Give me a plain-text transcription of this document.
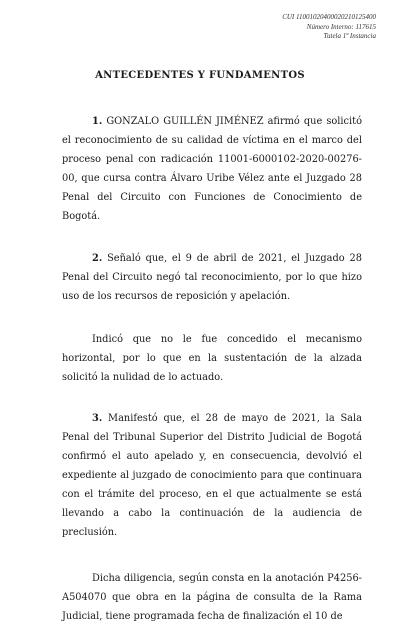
CUI 11001020400020210125400
Número Interno: 117615
Tutela 1ª Instancia
ANTECEDENTES Y FUNDAMENTOS

1. GONZALO GUILLÉN JIMÉNEZ afirmó que solicitó el reconocimiento de su calidad de víctima en el marco del proceso penal con radicación 11001-6000102-2020-00276-00, que cursa contra Álvaro Uribe Vélez ante el Juzgado 28 Penal del Circuito con Funciones de Conocimiento de Bogotá.

2. Señaló que, el 9 de abril de 2021, el Juzgado 28 Penal del Circuito negó tal reconocimiento, por lo que hizo uso de los recursos de reposición y apelación.

Indicó que no le fue concedido el mecanismo horizontal, por lo que en la sustentación de la alzada solicitó la nulidad de lo actuado.

3. Manifestó que, el 28 de mayo de 2021, la Sala Penal del Tribunal Superior del Distrito Judicial de Bogotá confirmó el auto apelado y, en consecuencia, devolvió el expediente al juzgado de conocimiento para que continuara con el trámite del proceso, en el que actualmente se está llevando a cabo la continuación de la audiencia de preclusión.

Dicha diligencia, según consta en la anotación P4256-A504070 que obra en la página de consulta de la Rama Judicial, tiene programada fecha de finalización el 10 de
